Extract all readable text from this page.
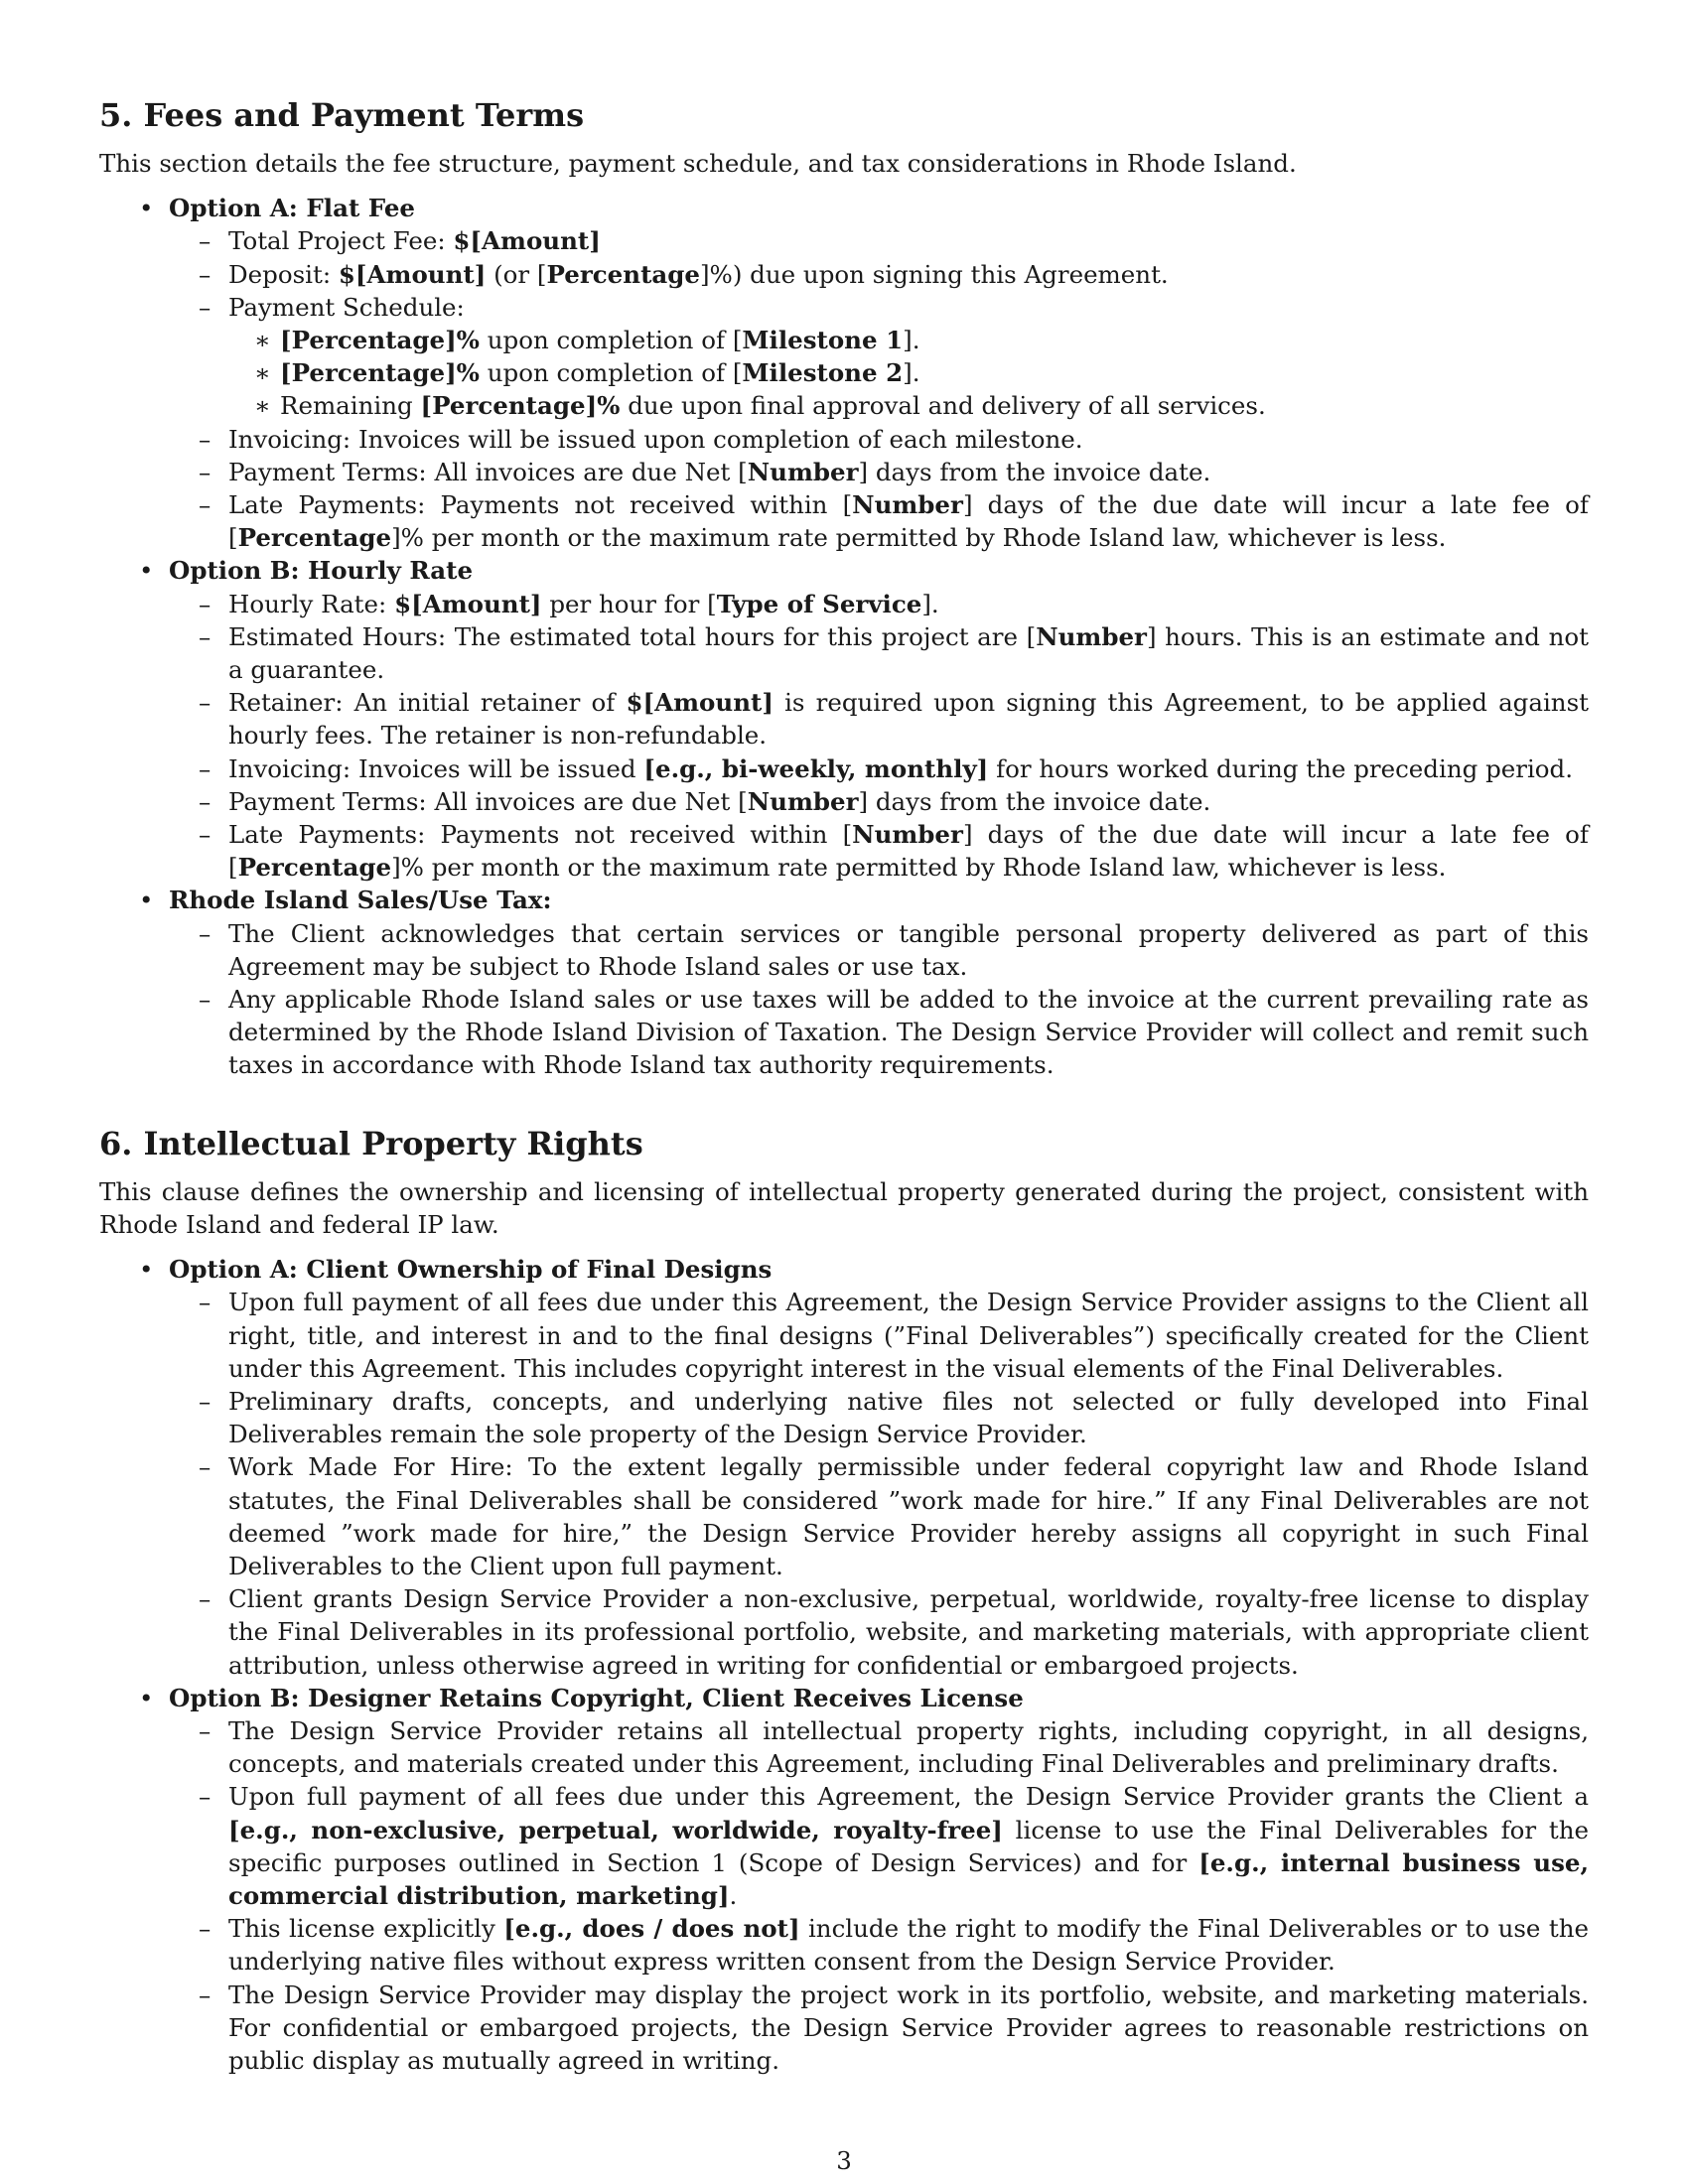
5. Fees and Payment Terms

This section details the fee structure, payment schedule, and tax considerations in Rhode Island.

• Option A: Flat Fee
– Total Project Fee: $[Amount]
– Deposit: $[Amount] (or [Percentage]%) due upon signing this Agreement.
– Payment Schedule:
∗ [Percentage]% upon completion of [Milestone 1].
∗ [Percentage]% upon completion of [Milestone 2].
∗ Remaining [Percentage]% due upon final approval and delivery of all services.
– Invoicing: Invoices will be issued upon completion of each milestone.
– Payment Terms: All invoices are due Net [Number] days from the invoice date.
– Late Payments: Payments not received within [Number] days of the due date will incur a late fee of [Percentage]% per month or the maximum rate permitted by Rhode Island law, whichever is less.
• Option B: Hourly Rate
– Hourly Rate: $[Amount] per hour for [Type of Service].
– Estimated Hours: The estimated total hours for this project are [Number] hours. This is an estimate and not a guarantee.
– Retainer: An initial retainer of $[Amount] is required upon signing this Agreement, to be applied against hourly fees. The retainer is non-refundable.
– Invoicing: Invoices will be issued [e.g., bi-weekly, monthly] for hours worked during the preceding period.
– Payment Terms: All invoices are due Net [Number] days from the invoice date.
– Late Payments: Payments not received within [Number] days of the due date will incur a late fee of [Percentage]% per month or the maximum rate permitted by Rhode Island law, whichever is less.
• Rhode Island Sales/Use Tax:
– The Client acknowledges that certain services or tangible personal property delivered as part of this Agreement may be subject to Rhode Island sales or use tax.
– Any applicable Rhode Island sales or use taxes will be added to the invoice at the current prevailing rate as determined by the Rhode Island Division of Taxation. The Design Service Provider will collect and remit such taxes in accordance with Rhode Island tax authority requirements.
6. Intellectual Property Rights

This clause defines the ownership and licensing of intellectual property generated during the project, consistent with Rhode Island and federal IP law.

• Option A: Client Ownership of Final Designs
– Upon full payment of all fees due under this Agreement, the Design Service Provider assigns to the Client all right, title, and interest in and to the final designs (”Final Deliverables”) specifically created for the Client under this Agreement. This includes copyright interest in the visual elements of the Final Deliverables.
– Preliminary drafts, concepts, and underlying native files not selected or fully developed into Final Deliverables remain the sole property of the Design Service Provider.
– Work Made For Hire: To the extent legally permissible under federal copyright law and Rhode Island statutes, the Final Deliverables shall be considered ”work made for hire.” If any Final Deliverables are not deemed ”work made for hire,” the Design Service Provider hereby assigns all copyright in such Final Deliverables to the Client upon full payment.
– Client grants Design Service Provider a non-exclusive, perpetual, worldwide, royalty-free license to display the Final Deliverables in its professional portfolio, website, and marketing materials, with appropriate client attribution, unless otherwise agreed in writing for confidential or embargoed projects.
• Option B: Designer Retains Copyright, Client Receives License
– The Design Service Provider retains all intellectual property rights, including copyright, in all designs, concepts, and materials created under this Agreement, including Final Deliverables and preliminary drafts.
– Upon full payment of all fees due under this Agreement, the Design Service Provider grants the Client a [e.g., non-exclusive, perpetual, worldwide, royalty-free] license to use the Final Deliverables for the specific purposes outlined in Section 1 (Scope of Design Services) and for [e.g., internal business use, commercial distribution, marketing].
– This license explicitly [e.g., does / does not] include the right to modify the Final Deliverables or to use the underlying native files without express written consent from the Design Service Provider.
– The Design Service Provider may display the project work in its portfolio, website, and marketing materials. For confidential or embargoed projects, the Design Service Provider agrees to reasonable restrictions on public display as mutually agreed in writing.
3
